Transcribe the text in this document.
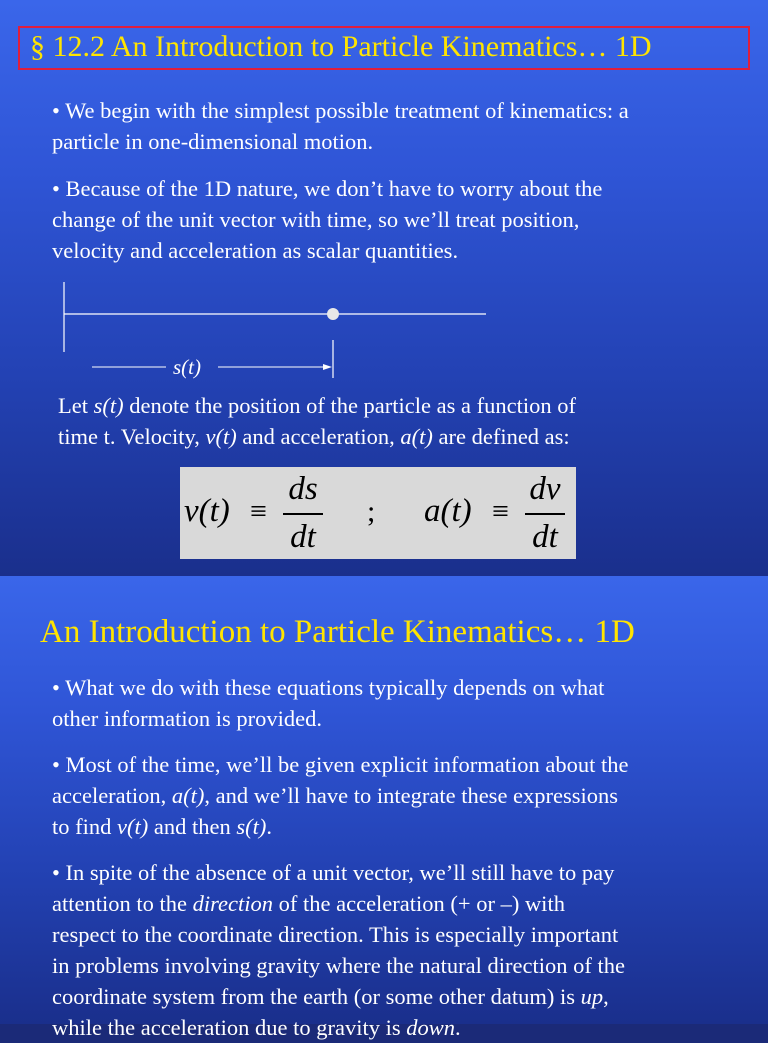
§ 12.2 An Introduction to Particle Kinematics… 1D
• We begin with the simplest possible treatment of kinematics: a
particle in one-dimensional motion.
• Because of the 1D nature, we don’t have to worry about the
change of the unit vector with time, so we’ll treat position,
velocity and acceleration as scalar quantities.
s(t)
Let s(t) denote the position of the particle as a function of
time t. Velocity, v(t) and acceleration, a(t) are defined as:
v(t) ≡
ds
dt
; a(t) ≡
dv
dt
An Introduction to Particle Kinematics… 1D
• What we do with these equations typically depends on what
other information is provided.
• Most of the time, we’ll be given explicit information about the
acceleration, a(t), and we’ll have to integrate these expressions
to find v(t) and then s(t).
• In spite of the absence of a unit vector, we’ll still have to pay
attention to the direction of the acceleration (+ or –) with
respect to the coordinate direction. This is especially important
in problems involving gravity where the natural direction of the
coordinate system from the earth (or some other datum) is up,
while the acceleration due to gravity is down.
